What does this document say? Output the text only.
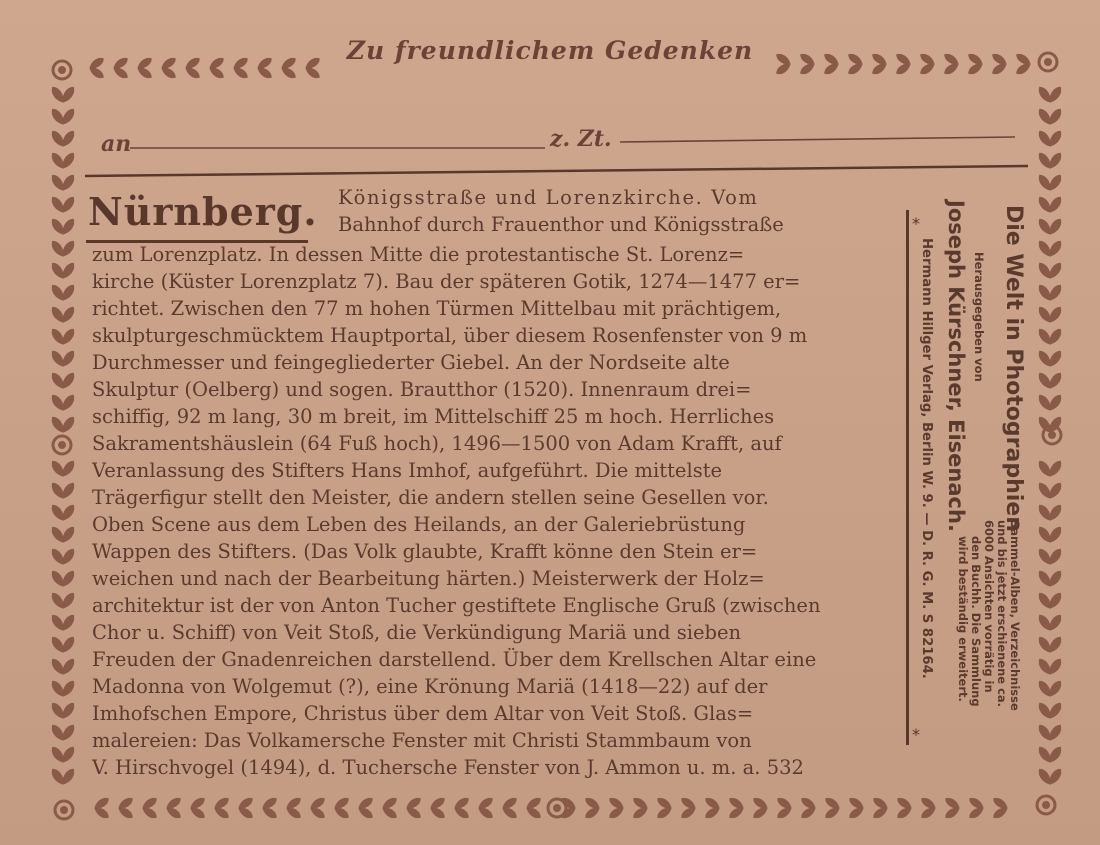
Zu freundlichem Gedenken
an	z. Zt.
Nürnberg. Königsstraße und Lorenzkirche. Vom
Bahnhof durch Frauenthor und Königsstraße
zum Lorenzplatz. In dessen Mitte die protestantische St. Lorenz=
kirche (Küster Lorenzplatz 7). Bau der späteren Gotik, 1274—1477 er=
richtet. Zwischen den 77 m hohen Türmen Mittelbau mit prächtigem,
skulpturgeschmücktem Hauptportal, über diesem Rosenfenster von 9 m
Durchmesser und feingegliederter Giebel. An der Nordseite alte
Skulptur (Oelberg) und sogen. Brautthor (1520). Innenraum drei=
schiffig, 92 m lang, 30 m breit, im Mittelschiff 25 m hoch. Herrliches
Sakramentshäuslein (64 Fuß hoch), 1496—1500 von Adam Krafft, auf
Veranlassung des Stifters Hans Imhof, aufgeführt. Die mittelste
Trägerfigur stellt den Meister, die andern stellen seine Gesellen vor.
Oben Scene aus dem Leben des Heilands, an der Galeriebrüstung
Wappen des Stifters. (Das Volk glaubte, Krafft könne den Stein er=
weichen und nach der Bearbeitung härten.) Meisterwerk der Holz=
architektur ist der von Anton Tucher gestiftete Englische Gruß (zwischen
Chor u. Schiff) von Veit Stoß, die Verkündigung Mariä und sieben
Freuden der Gnadenreichen darstellend. Über dem Krellschen Altar eine
Madonna von Wolgemut (?), eine Krönung Mariä (1418—22) auf der
Imhofschen Empore, Christus über dem Altar von Veit Stoß. Glas=
malereien: Das Volkamersche Fenster mit Christi Stammbaum von
V. Hirschvogel (1494), d. Tuchersche Fenster von J. Ammon u. m. a. 532
*
*
Hermann Hillger Verlag, Berlin W. 9. — D. R. G. M. S 82164. Joseph Kürschner, Eisenach. Herausgegeben von Die Welt in Photographien
Sammel-Alben, Verzeichnisse
und bis jetzt erschienene ca.
6000 Ansichten vorrätig in
den Buchh. Die Sammlung
wird beständig erweitert.
